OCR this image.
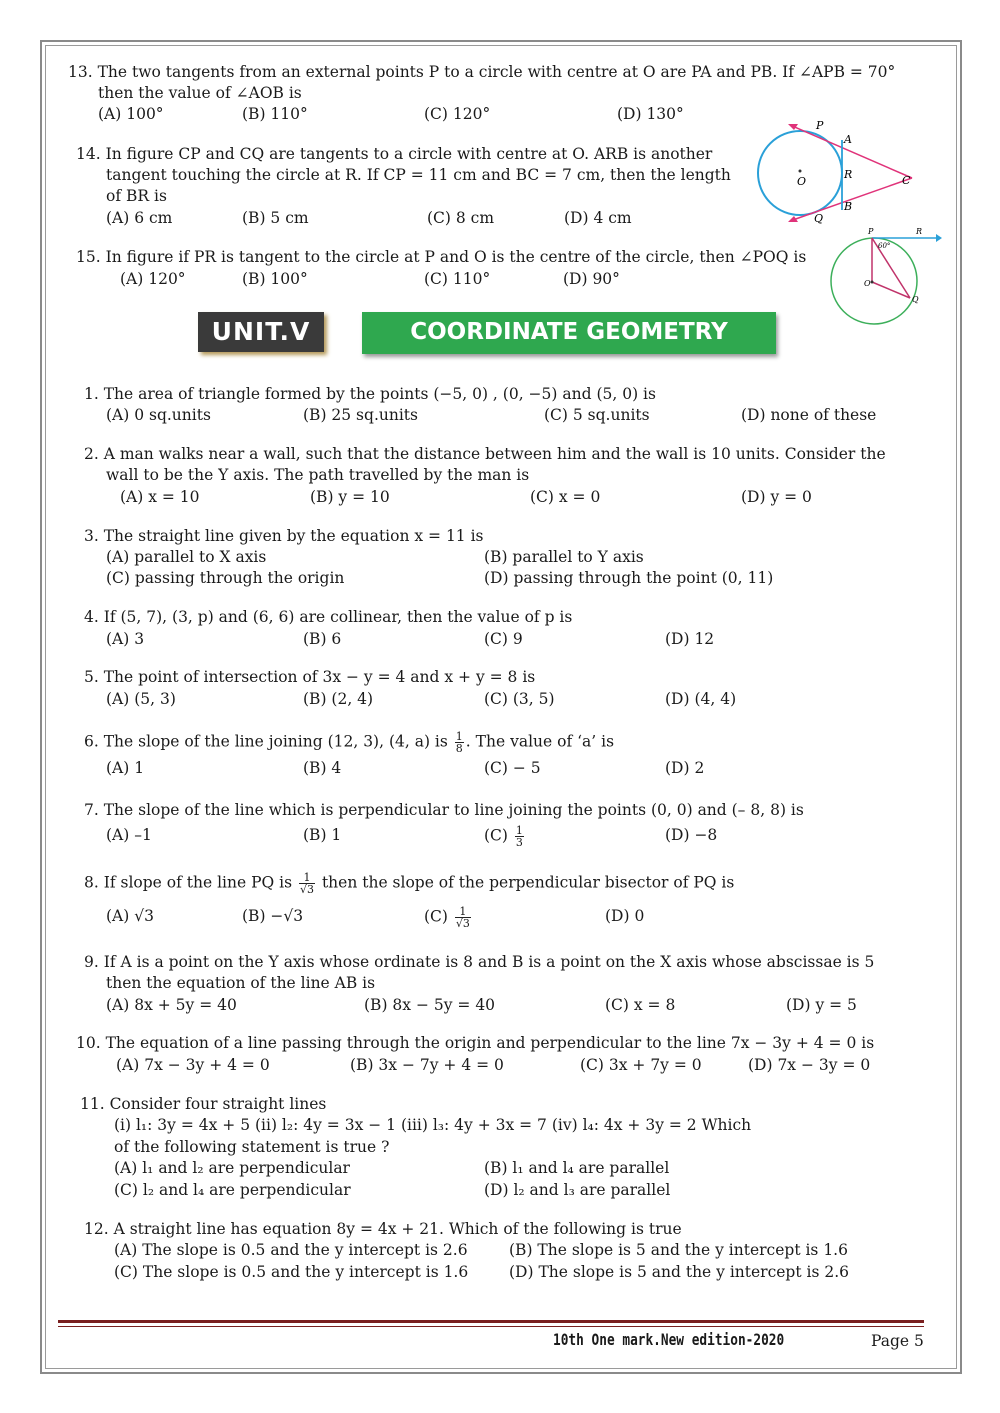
13. The two tangents from an external points P to a circle with centre at O are PA and PB. If ∠APB = 70°
then the value of ∠AOB is
(A) 100°	(B) 110°	(C) 120°	(D) 130°
14. In figure CP and CQ are tangents to a circle with centre at O. ARB is another
tangent touching the circle at R. If CP = 11 cm and BC = 7 cm, then the length
of BR is
(A) 6 cm	(B) 5 cm	(C) 8 cm	(D) 4 cm
P
A
O
R	C
B
Q
15. In figure if PR is tangent to the circle at P and O is the centre of the circle, then ∠POQ is
(A) 120°	(B) 100°	(C) 110°	(D) 90°
P	R
O
Q
60°
UNIT.V	COORDINATE GEOMETRY
1. The area of triangle formed by the points (−5, 0) , (0, −5) and (5, 0) is
(A) 0 sq.units	(B) 25 sq.units	(C) 5 sq.units	(D) none of these
2. A man walks near a wall, such that the distance between him and the wall is 10 units. Consider the
wall to be the Y axis. The path travelled by the man is
(A) x = 10	(B) y = 10	(C) x = 0	(D) y = 0
3. The straight line given by the equation x = 11 is
(A) parallel to X axis	(B) parallel to Y axis
(C) passing through the origin	(D) passing through the point (0, 11)
4. If (5, 7), (3, p) and (6, 6) are collinear, then the value of p is
(A) 3	(B) 6	(C) 9	(D) 12
5. The point of intersection of 3x − y = 4 and x + y = 8 is
(A) (5, 3)	(B) (2, 4)	(C) (3, 5)	(D) (4, 4)
6. The slope of the line joining (12, 3), (4, a) is $\frac{1}{8}$ . The value of ‘a’ is
(A) 1	(B) 4	(C) − 5	(D) 2
7. The slope of the line which is perpendicular to line joining the points (0, 0) and (– 8, 8) is
(A) –1	(B) 1	$(C) \frac{1}{3}$	(D) −8
8. If slope of the line PQ is $\frac{1}{√3}$ then the slope of the perpendicular bisector of PQ is
(A) √3	(B) −√3	$(C) \frac{1}{√3}$	(D) 0
9. If A is a point on the Y axis whose ordinate is 8 and B is a point on the X axis whose abscissae is 5
then the equation of the line AB is
(A) 8x + 5y = 40	(B) 8x − 5y = 40	(C) x = 8	(D) y = 5
10. The equation of a line passing through the origin and perpendicular to the line 7x − 3y + 4 = 0 is
(A) 7x − 3y + 4 = 0	(B) 3x − 7y + 4 = 0	(C) 3x + 7y = 0	(D) 7x − 3y = 0
11. Consider four straight lines
(i) l₁: 3y = 4x + 5 (ii) l₂: 4y = 3x − 1 (iii) l₃: 4y + 3x = 7 (iv) l₄: 4x + 3y = 2 Which
of the following statement is true ?
(A) l₁ and l₂ are perpendicular	(B) l₁ and l₄ are parallel
(C) l₂ and l₄ are perpendicular	(D) l₂ and l₃ are parallel
12. A straight line has equation 8y = 4x + 21. Which of the following is true
(A) The slope is 0.5 and the y intercept is 2.6	(B) The slope is 5 and the y intercept is 1.6
(C) The slope is 0.5 and the y intercept is 1.6	(D) The slope is 5 and the y intercept is 2.6
10th One mark.New edition-2020	Page 5
